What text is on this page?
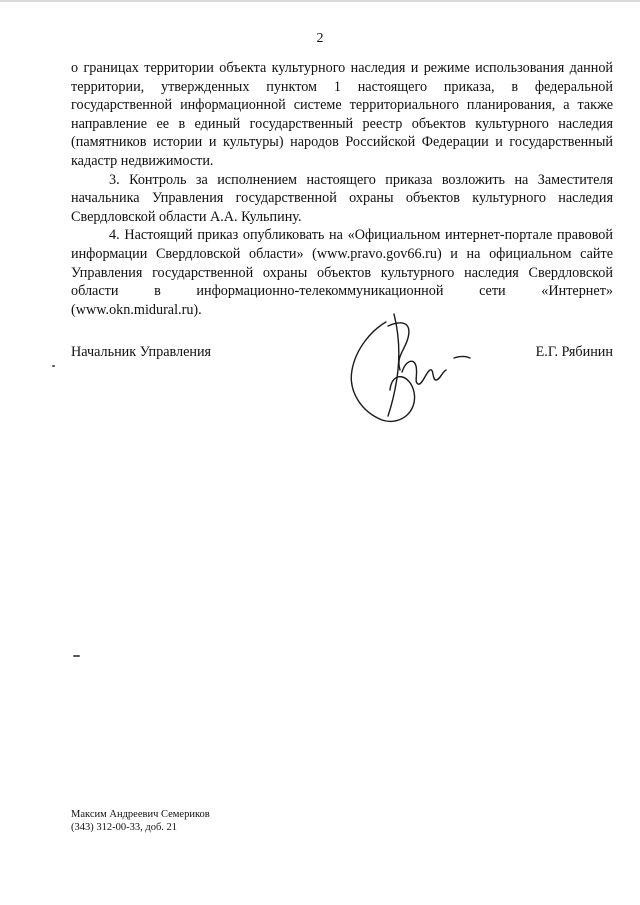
2

о границах территории объекта культурного наследия и режиме использования данной территории, утвержденных пунктом 1 настоящего приказа, в федеральной государственной информационной системе территориального планирования, а также направление ее в единый государственный реестр объектов культурного наследия (памятников истории и культуры) народов Российской Федерации и государственный кадастр недвижимости.

3. Контроль за исполнением настоящего приказа возложить на Заместителя начальника Управления государственной охраны объектов культурного наследия Свердловской области А.А. Кульпину.

4. Настоящий приказ опубликовать на «Официальном интернет-портале правовой информации Свердловской области» (www.pravo.gov66.ru) и на официальном сайте Управления государственной охраны объектов культурного наследия Свердловской области в информационно-телекоммуникационной сети «Интернет» (www.okn.midural.ru).

Начальник Управления	Е.Г. Рябинин
Максим Андреевич Семериков
(343) 312-00-33, доб. 21
